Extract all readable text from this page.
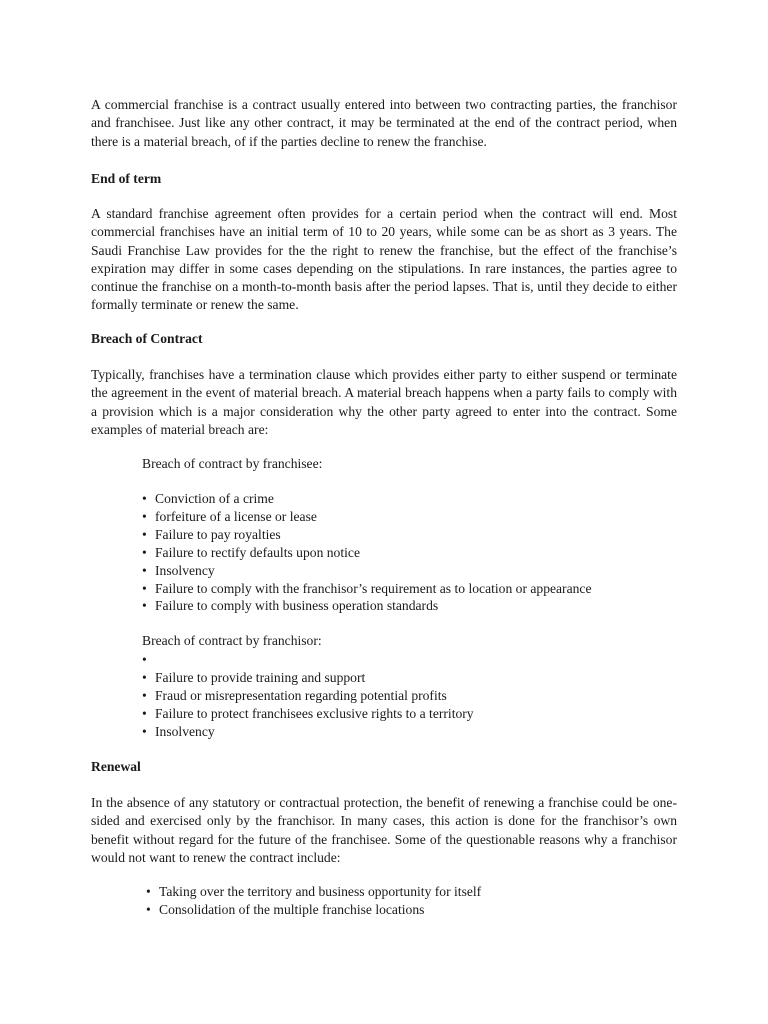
A commercial franchise is a contract usually entered into between two contracting parties, the franchisor and franchisee. Just like any other contract, it may be terminated at the end of the contract period, when there is a material breach, of if the parties decline to renew the franchise.

End of term

A standard franchise agreement often provides for a certain period when the contract will end. Most commercial franchises have an initial term of 10 to 20 years, while some can be as short as 3 years. The Saudi Franchise Law provides for the the right to renew the franchise, but the effect of the franchise’s expiration may differ in some cases depending on the stipulations. In rare instances, the parties agree to continue the franchise on a month-to-month basis after the period lapses. That is, until they decide to either formally terminate or renew the same.

Breach of Contract

Typically, franchises have a termination clause which provides either party to either suspend or terminate the agreement in the event of material breach. A material breach happens when a party fails to comply with a provision which is a major consideration why the other party agreed to enter into the contract. Some examples of material breach are:

Breach of contract by franchisee:

• Conviction of a crime
• forfeiture of a license or lease
• Failure to pay royalties
• Failure to rectify defaults upon notice
• Insolvency
• Failure to comply with the franchisor’s requirement as to location or appearance
• Failure to comply with business operation standards

Breach of contract by franchisor:

•
• Failure to provide training and support
• Fraud or misrepresentation regarding potential profits
• Failure to protect franchisees exclusive rights to a territory
• Insolvency
Renewal

In the absence of any statutory or contractual protection, the benefit of renewing a franchise could be one-sided and exercised only by the franchisor. In many cases, this action is done for the franchisor’s own benefit without regard for the future of the franchisee. Some of the questionable reasons why a franchisor would not want to renew the contract include:

• Taking over the territory and business opportunity for itself
• Consolidation of the multiple franchise locations
